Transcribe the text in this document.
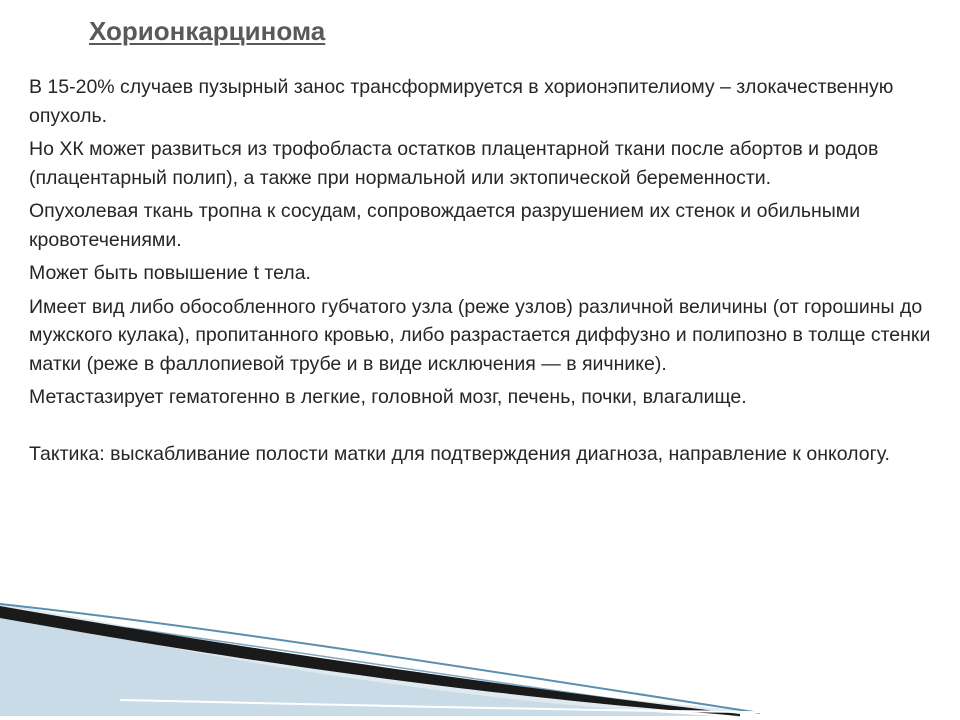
Хорионкарцинома

В 15-20% случаев пузырный занос трансформируется в хорионэпителиому – злокачественную опухоль.

Но ХК может развиться из трофобласта остатков плацентарной ткани после абортов и родов (плацентарный полип), а также при нормальной или эктопической беременности.

Опухолевая ткань тропна к сосудам, сопровождается разрушением их стенок и обильными кровотечениями.

Может быть повышение t тела.

Имеет вид либо обособленного губчатого узла (реже узлов) различной величины (от горошины до мужского кулака), пропитанного кровью, либо разрастается диффузно и полипозно в толще стенки матки (реже в фаллопиевой трубе и в виде исключения — в яичнике).

Метастазирует гематогенно в легкие, головной мозг, печень, почки, влагалище.

Тактика: выскабливание полости матки для подтверждения диагноза, направление к онкологу.
